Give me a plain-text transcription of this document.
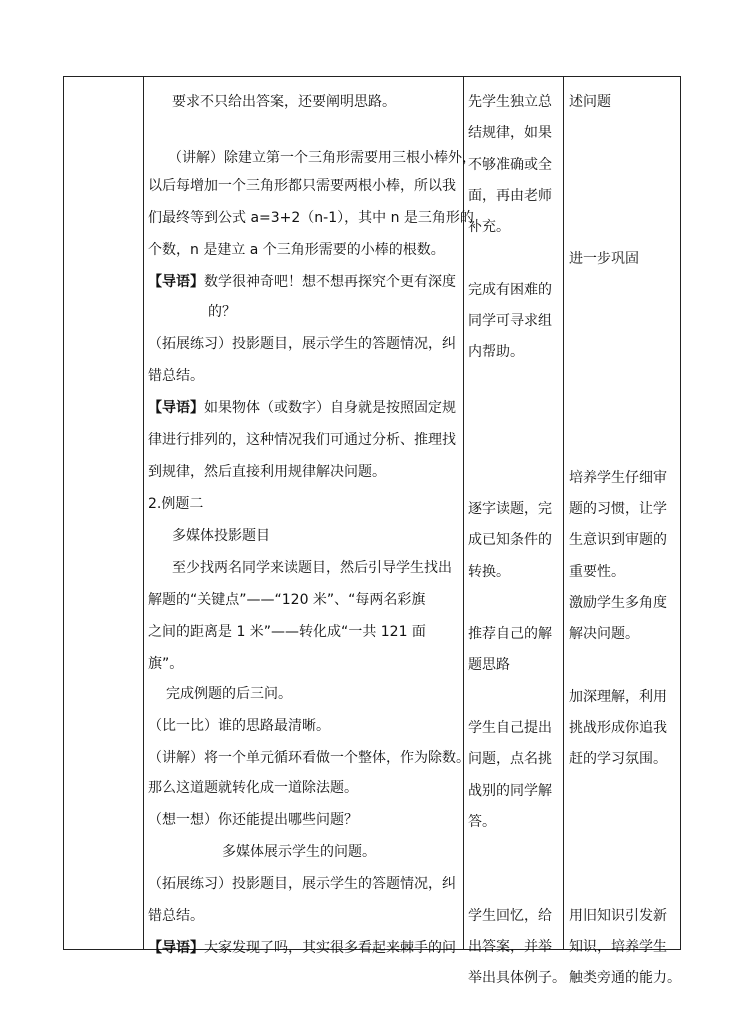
要求不只给出答案，还要阐明思路。
（讲解）除建立第一个三角形需要用三根小棒外，
以后每增加一个三角形都只需要两根小棒，所以我
们最终等到公式 a=3+2（n-1），其中 n 是三角形的
个数，n 是建立 a 个三角形需要的小棒的根数。
【导语】数学很神奇吧！想不想再探究个更有深度
的？
（拓展练习）投影题目，展示学生的答题情况，纠
错总结。
【导语】如果物体（或数字）自身就是按照固定规
律进行排列的，这种情况我们可通过分析、推理找
到规律，然后直接利用规律解决问题。
2.例题二
多媒体投影题目
至少找两名同学来读题目，然后引导学生找出
解题的“关键点”——“120 米”、“每两名彩旗
之间的距离是 1 米”——转化成“一共 121 面
旗”。
完成例题的后三问。
（比一比）谁的思路最清晰。
（讲解）将一个单元循环看做一个整体，作为除数。
那么这道题就转化成一道除法题。
（想一想）你还能提出哪些问题？
多媒体展示学生的问题。
（拓展练习）投影题目，展示学生的答题情况，纠
错总结。
【导语】大家发现了吗，其实很多看起来棘手的问
先学生独立总
结规律，如果
不够准确或全
面，再由老师
补充。
完成有困难的
同学可寻求组
内帮助。
逐字读题，完
成已知条件的
转换。
推荐自己的解
题思路
学生自己提出
问题，点名挑
战别的同学解
答。
学生回忆，给
出答案，并举
举出具体例子。
述问题
进一步巩固
培养学生仔细审
题的习惯，让学
生意识到审题的
重要性。
激励学生多角度
解决问题。
加深理解，利用
挑战形成你追我
赶的学习氛围。
用旧知识引发新
知识，培养学生
触类旁通的能力。
